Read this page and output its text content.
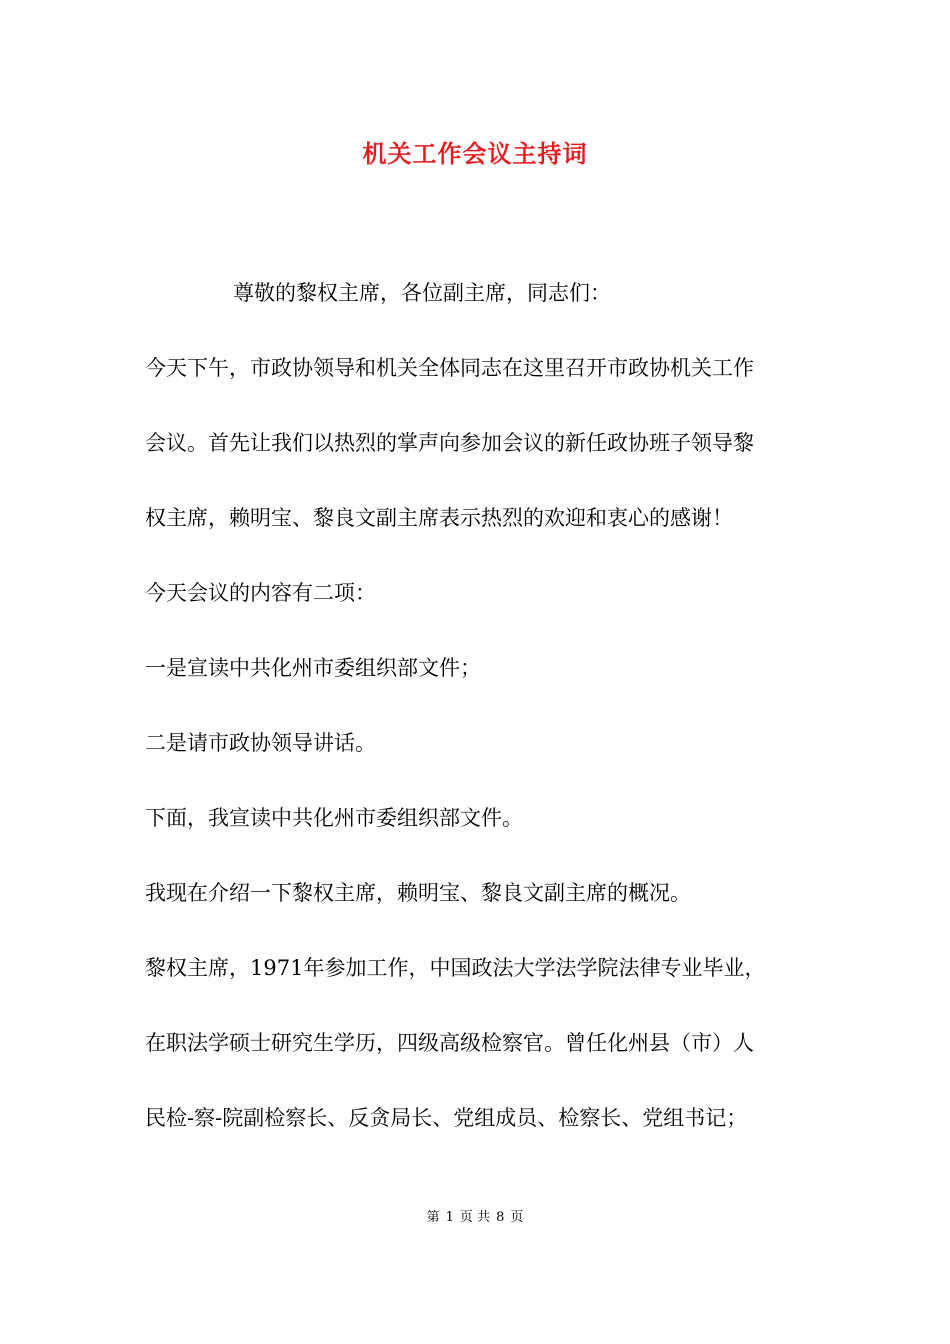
机关工作会议主持词
尊敬的黎权主席，各位副主席，同志们：
今天下午，市政协领导和机关全体同志在这里召开市政协机关工作
会议。首先让我们以热烈的掌声向参加会议的新任政协班子领导黎
权主席，赖明宝、黎良文副主席表示热烈的欢迎和衷心的感谢！
今天会议的内容有二项：
一是宣读中共化州市委组织部文件；
二是请市政协领导讲话。
下面，我宣读中共化州市委组织部文件。
我现在介绍一下黎权主席，赖明宝、黎良文副主席的概况。
黎权主席，1971年参加工作，中国政法大学法学院法律专业毕业，
在职法学硕士研究生学历，四级高级检察官。曾任化州县（市）人
民检-察-院副检察长、反贪局长、党组成员、检察长、党组书记；
第 1 页 共 8 页
